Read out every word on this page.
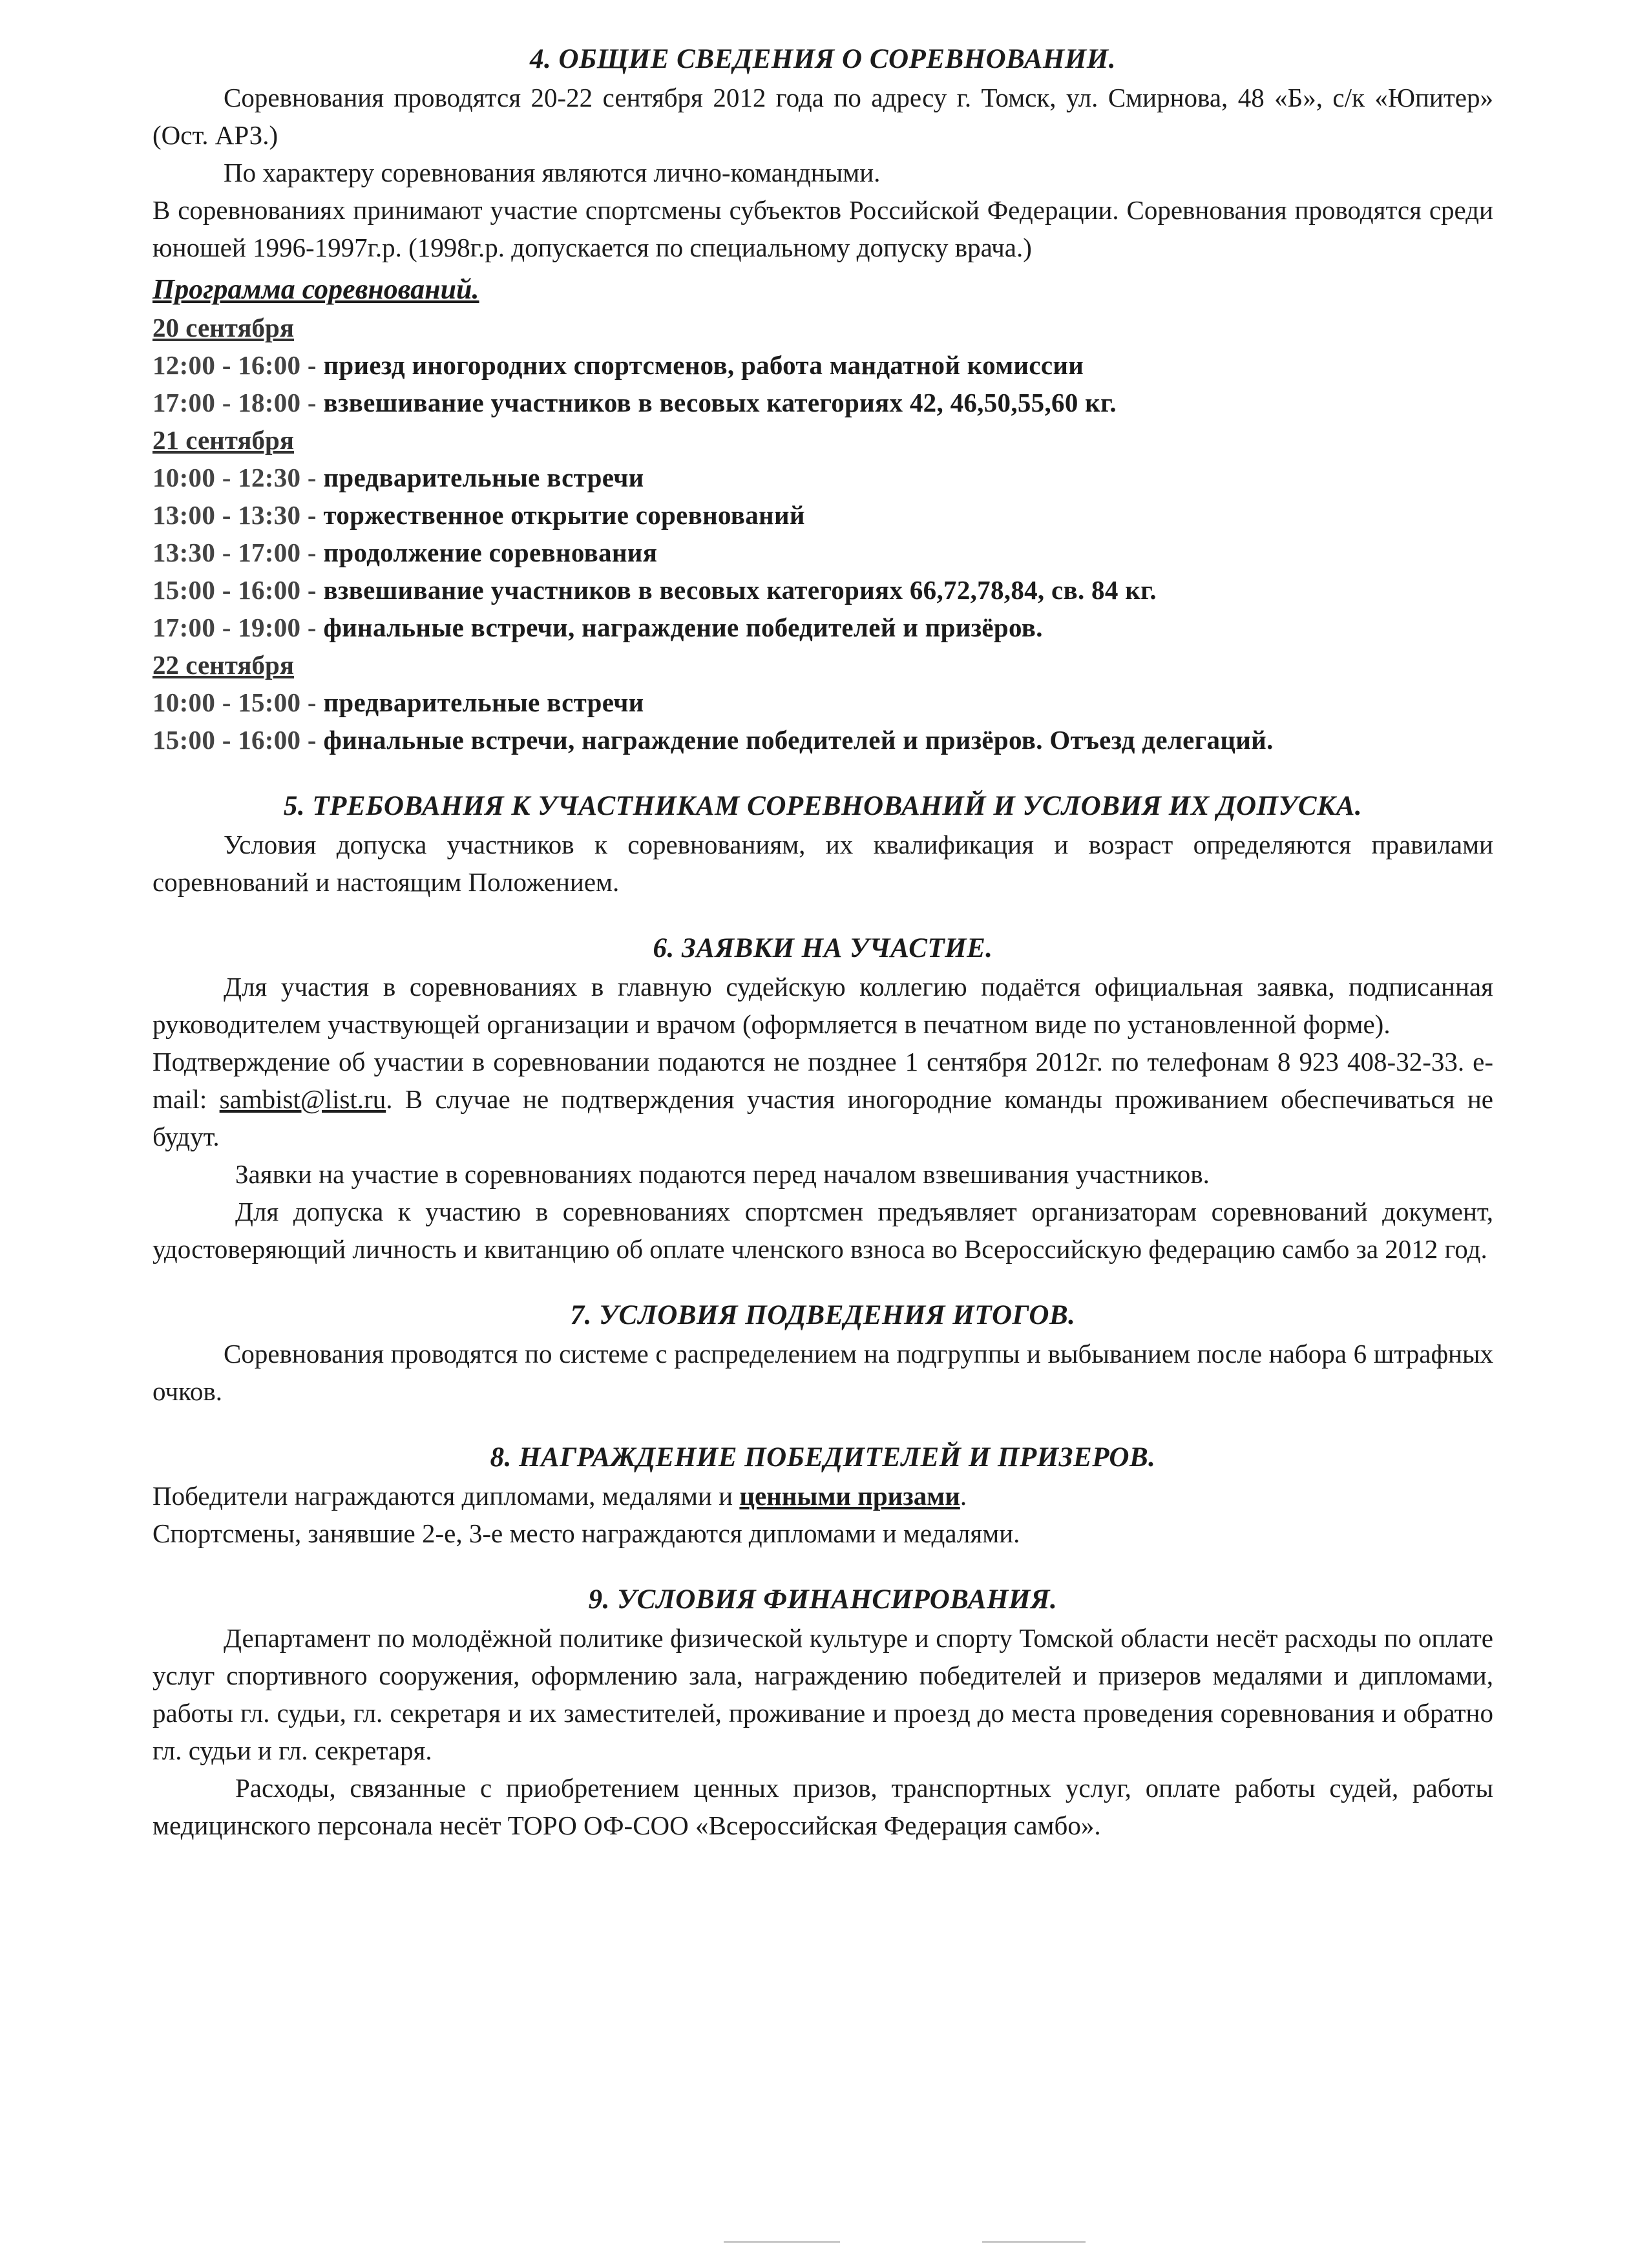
4. ОБЩИЕ СВЕДЕНИЯ О СОРЕВНОВАНИИ.

Соревнования проводятся 20-22 сентября 2012 года по адресу г. Томск, ул. Смирнова, 48 «Б», с/к «Юпитер» (Ост. АРЗ.)

По характеру соревнования являются лично-командными.

В соревнованиях принимают участие спортсмены субъектов Российской Федерации. Соревнования проводятся среди юношей 1996-1997г.р. (1998г.р. допускается по специальному допуску врача.)

Программа соревнований.
20 сентября

12:00 - 16:00 - приезд иногородних спортсменов, работа мандатной комиссии

17:00 - 18:00 - взвешивание участников в весовых категориях 42, 46,50,55,60 кг.

21 сентября

10:00 - 12:30 - предварительные встречи

13:00 - 13:30 - торжественное открытие соревнований

13:30 - 17:00 - продолжение соревнования

15:00 - 16:00 - взвешивание участников в весовых категориях 66,72,78,84, св. 84 кг.

17:00 - 19:00 - финальные встречи, награждение победителей и призёров.

22 сентября

10:00 - 15:00 - предварительные встречи

15:00 - 16:00 - финальные встречи, награждение победителей и призёров. Отъезд делегаций.

5. ТРЕБОВАНИЯ К УЧАСТНИКАМ СОРЕВНОВАНИЙ И УСЛОВИЯ ИХ ДОПУСКА.

Условия допуска участников к соревнованиям, их квалификация и возраст определяются правилами соревнований и настоящим Положением.

6. ЗАЯВКИ НА УЧАСТИЕ.

Для участия в соревнованиях в главную судейскую коллегию подаётся официальная заявка, подписанная руководителем участвующей организации и врачом (оформляется в печатном виде по установленной форме).

Подтверждение об участии в соревновании подаются не позднее 1 сентября 2012г. по телефонам 8 923 408-32-33. e-mail: sambist@list.ru. В случае не подтверждения участия иногородние команды проживанием обеспечиваться не будут.

Заявки на участие в соревнованиях подаются перед началом взвешивания участников.

Для допуска к участию в соревнованиях спортсмен предъявляет организаторам соревнований документ, удостоверяющий личность и квитанцию об оплате членского взноса во Всероссийскую федерацию самбо за 2012 год.

7. УСЛОВИЯ ПОДВЕДЕНИЯ ИТОГОВ.

Соревнования проводятся по системе с распределением на подгруппы и выбыванием после набора 6 штрафных очков.

8. НАГРАЖДЕНИЕ ПОБЕДИТЕЛЕЙ И ПРИЗЕРОВ.

Победители награждаются дипломами, медалями и ценными призами.

Спортсмены, занявшие 2-е, 3-е место награждаются дипломами и медалями.

9. УСЛОВИЯ ФИНАНСИРОВАНИЯ.

Департамент по молодёжной политике физической культуре и спорту Томской области несёт расходы по оплате услуг спортивного сооружения, оформлению зала, награждению победителей и призеров медалями и дипломами, работы гл. судьи, гл. секретаря и их заместителей, проживание и проезд до места проведения соревнования и обратно гл. судьи и гл. секретаря.

Расходы, связанные с приобретением ценных призов, транспортных услуг, оплате работы судей, работы медицинского персонала несёт ТОРО ОФ-СОО «Всероссийская Федерация самбо».
